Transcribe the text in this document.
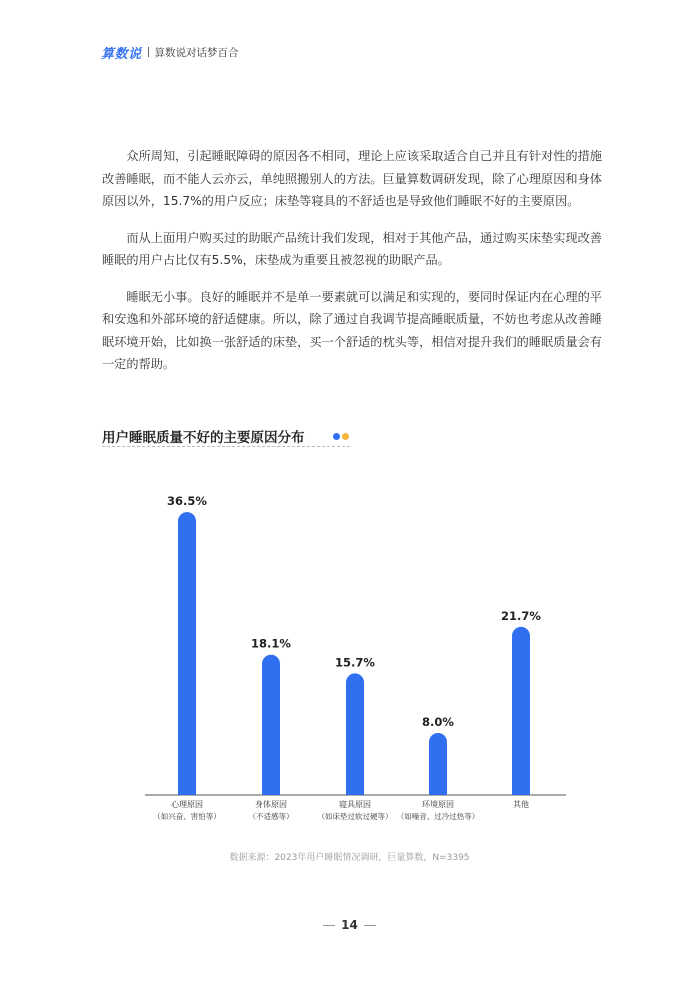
算数说 算数说对话梦百合

众所周知，引起睡眠障碍的原因各不相同，理论上应该采取适合自己并且有针对性的措施改善睡眠，而不能人云亦云，单纯照搬别人的方法。巨量算数调研发现，除了心理原因和身体原因以外，15.7%的用户反应；床垫等寝具的不舒适也是导致他们睡眠不好的主要原因。

而从上面用户购买过的助眠产品统计我们发现，相对于其他产品，通过购买床垫实现改善睡眠的用户占比仅有5.5%，床垫成为重要且被忽视的助眠产品。

睡眠无小事。良好的睡眠并不是单一要素就可以满足和实现的，要同时保证内在心理的平和安逸和外部环境的舒适健康。所以，除了通过自我调节提高睡眠质量，不妨也考虑从改善睡眠环境开始，比如换一张舒适的床垫，买一个舒适的枕头等，相信对提升我们的睡眠质量会有一定的帮助。

用户睡眠质量不好的主要原因分布
36.5%
心理原因
（如兴奋、害怕等）
18.1%
身体原因
（不适感等）
15.7%
寝具原因
（如床垫过软过硬等）
8.0%
环境原因
（如噪音、过冷过热等）
21.7%
其他
数据来源：2023年用户睡眠情况调研，巨量算数，N=3395
14
